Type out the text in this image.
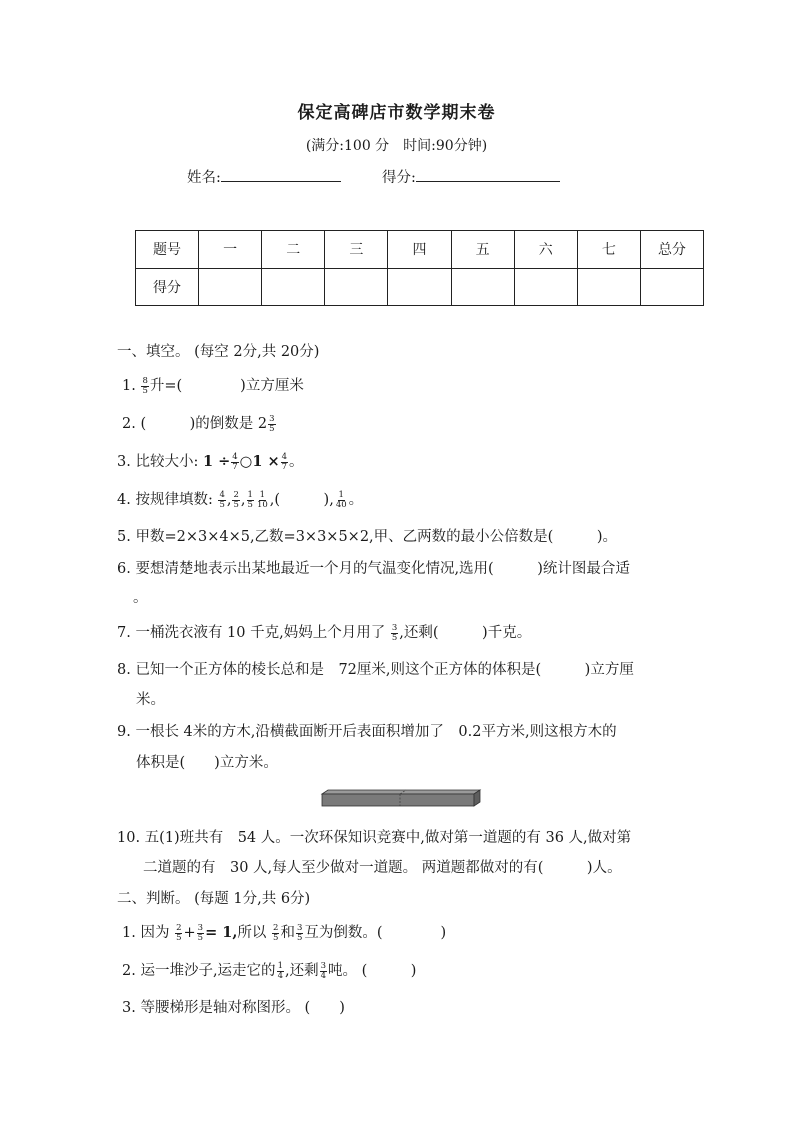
保定高碑店市数学期末卷
(满分:100 分　时间:90分钟)
姓名:	得分:
题号	一	二	三	四	五	六	七	总分
得分								
一、填空。 (每空 2分,共 20分)
1. $\frac{8}{5}$ 升=(　　　　)立方厘米
2. (　　　)的倒数是 $2 \frac{3}{5}$
3. 比较大小: $1 \div \frac{4}{7}$ ○1 × $\frac{4}{7}$ 。
4. 按规律填数: $\frac{4}{5}$ , $\frac{2}{5}$ , $\frac{1}{5} \frac{1}{10}$ ,(　　　), $\frac{1}{40}$ 。
5. 甲数=2×3×4×5,乙数=3×3×5×2,甲、乙两数的最小公倍数是(　　　)。
6. 要想清楚地表示出某地最近一个月的气温变化情况,选用(　　　)统计图最合适
。
7. 一桶洗衣液有 10 千克,妈妈上个月用了 $\frac{3}{5}$ ,还剩(　　　)千克。
8. 已知一个正方体的棱长总和是　72厘米,则这个正方体的体积是(　　　)立方厘
米。
9. 一根长 4米的方木,沿横截面断开后表面积增加了　0.2平方米,则这根方木的
体积是(　　)立方米。
10. 五(1)班共有　54 人。一次环保知识竞赛中,做对第一道题的有 36 人,做对第
二道题的有　30 人,每人至少做对一道题。 两道题都做对的有(　　　)人。
二、判断。 (每题 1分,共 6分)
1. 因为 $\frac{2}{5} + \frac{3}{5} = 1$,所以 $\frac{2}{5}$ 和 $\frac{3}{5}$ 互为倒数。(　　　　)
2. 运一堆沙子,运走它的 $\frac{1}{4}$ ,还剩 $\frac{3}{4}$ 吨。 (　　　)
3. 等腰梯形是轴对称图形。 (　　)
